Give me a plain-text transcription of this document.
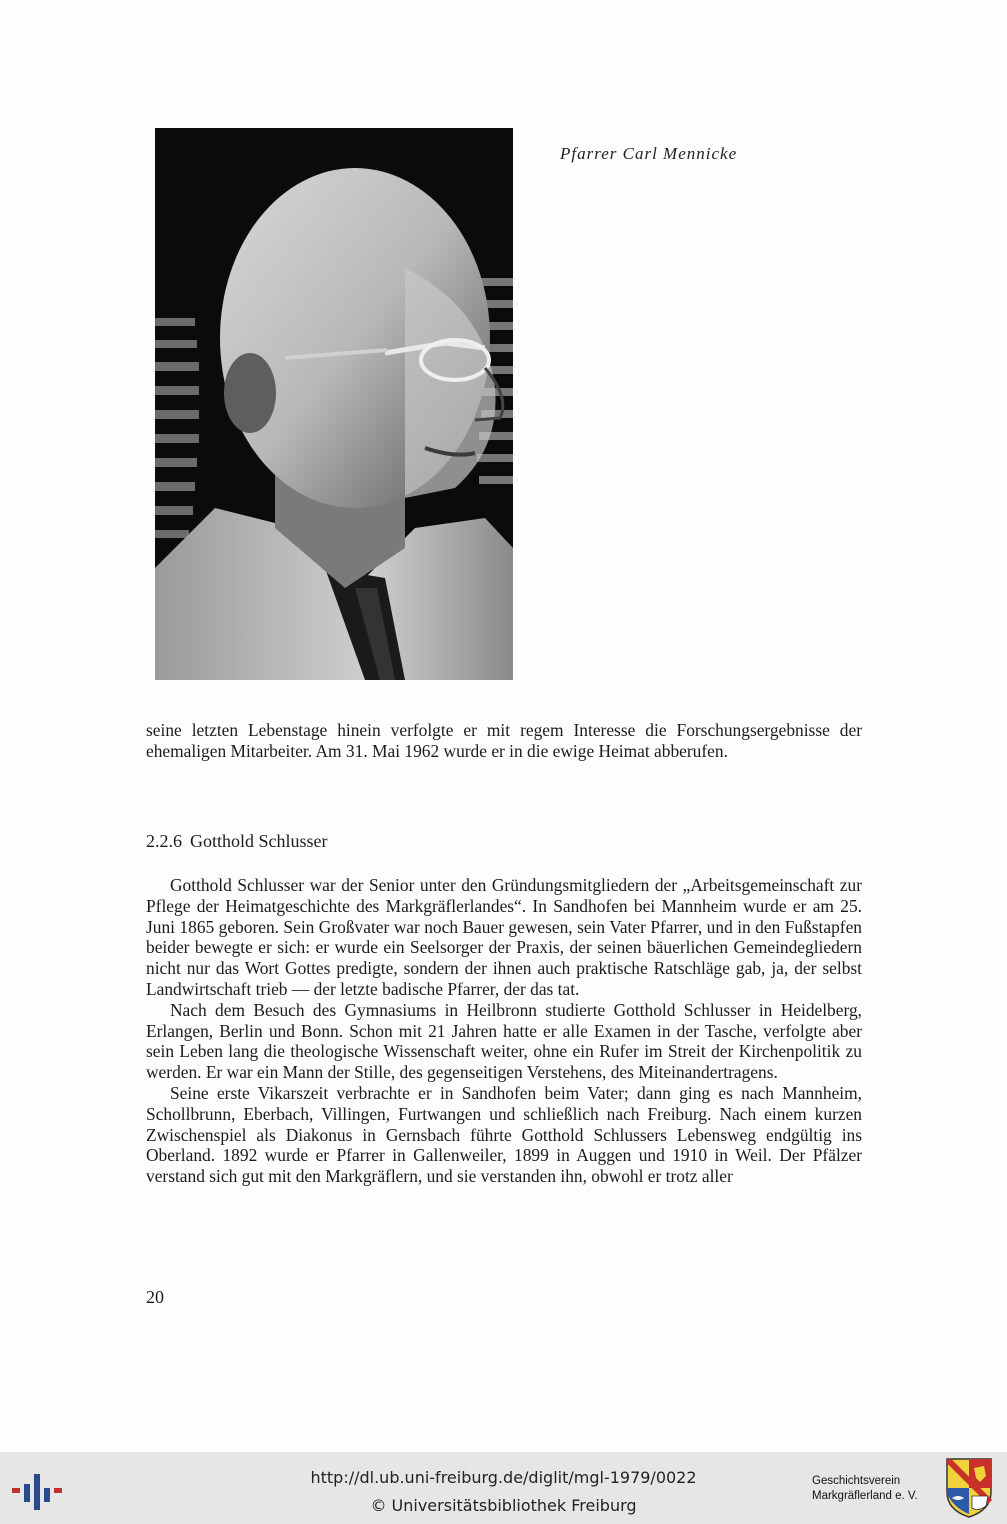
Pfarrer Carl Mennicke

seine letzten Lebenstage hinein verfolgte er mit regem Interesse die Forschungsergebnisse der ehemaligen Mitarbeiter. Am 31. Mai 1962 wurde er in die ewige Heimat abberufen.

2.2.6 Gotthold Schlusser

Gotthold Schlusser war der Senior unter den Gründungsmitgliedern der „Arbeitsgemeinschaft zur Pflege der Heimatgeschichte des Markgräflerlandes“. In Sandhofen bei Mannheim wurde er am 25. Juni 1865 geboren. Sein Großvater war noch Bauer gewesen, sein Vater Pfarrer, und in den Fußstapfen beider bewegte er sich: er wurde ein Seelsorger der Praxis, der seinen bäuerlichen Gemeindegliedern nicht nur das Wort Gottes predigte, sondern der ihnen auch praktische Ratschläge gab, ja, der selbst Landwirtschaft trieb — der letzte badische Pfarrer, der das tat.

Nach dem Besuch des Gymnasiums in Heilbronn studierte Gotthold Schlusser in Heidelberg, Erlangen, Berlin und Bonn. Schon mit 21 Jahren hatte er alle Examen in der Tasche, verfolgte aber sein Leben lang die theologische Wissenschaft weiter, ohne ein Rufer im Streit der Kirchenpolitik zu werden. Er war ein Mann der Stille, des gegenseitigen Verstehens, des Miteinandertragens.

Seine erste Vikarszeit verbrachte er in Sandhofen beim Vater; dann ging es nach Mannheim, Schollbrunn, Eberbach, Villingen, Furtwangen und schließlich nach Freiburg. Nach einem kurzen Zwischenspiel als Diakonus in Gernsbach führte Gotthold Schlussers Lebensweg endgültig ins Oberland. 1892 wurde er Pfarrer in Gallenweiler, 1899 in Auggen und 1910 in Weil. Der Pfälzer verstand sich gut mit den Markgräflern, und sie verstanden ihn, obwohl er trotz aller

20
http://dl.ub.uni-freiburg.de/diglit/mgl-1979/0022
© Universitätsbibliothek Freiburg
Geschichtsverein
Markgräflerland e. V.
